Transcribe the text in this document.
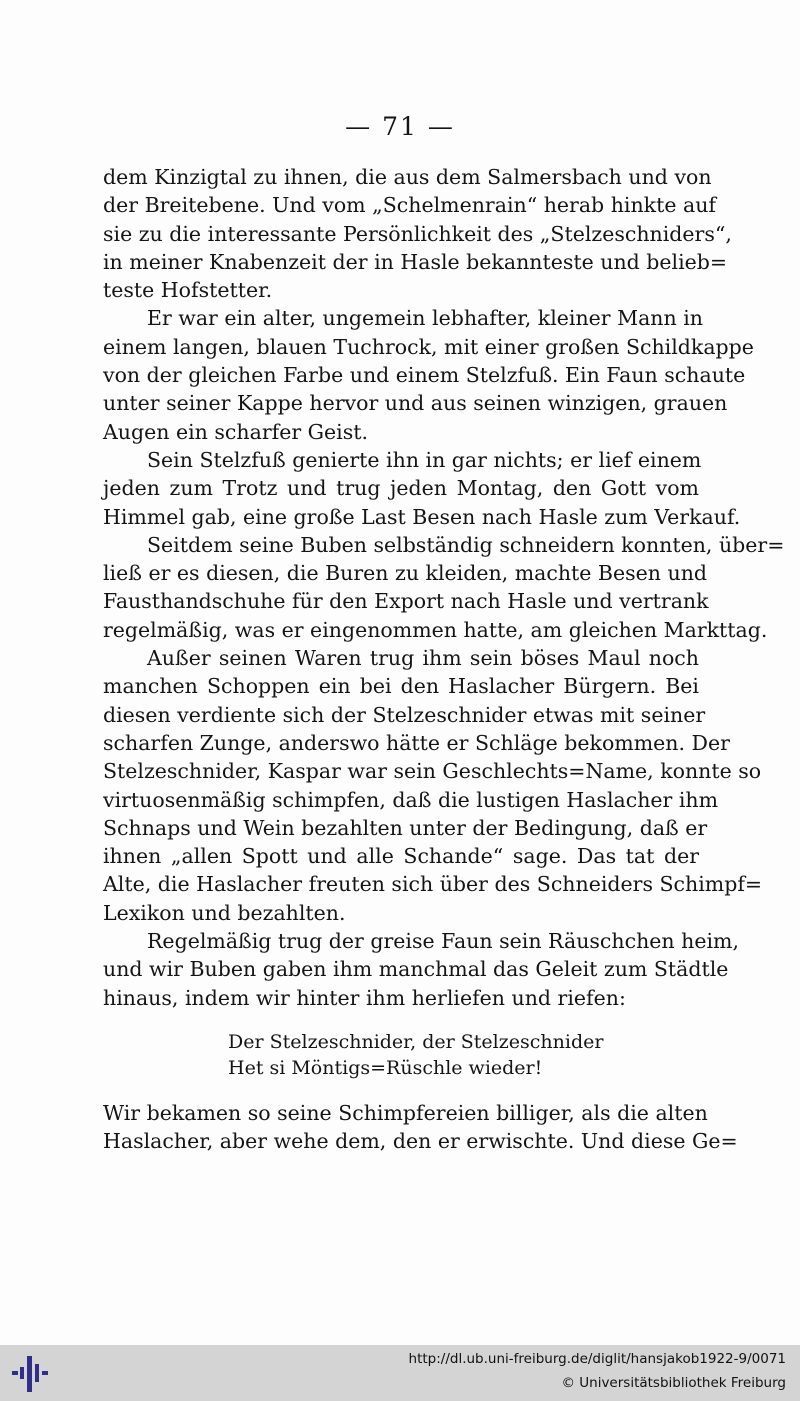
— 71 —
dem Kinzigtal zu ihnen, die aus dem Salmersbach und von
der Breitebene. Und vom „Schelmenrain“ herab hinkte auf
sie zu die interessante Persönlichkeit des „Stelzeschniders“,
in meiner Knabenzeit der in Hasle bekannteste und belieb=
teste Hofstetter.
Er war ein alter, ungemein lebhafter, kleiner Mann in
einem langen, blauen Tuchrock, mit einer großen Schildkappe
von der gleichen Farbe und einem Stelzfuß. Ein Faun schaute
unter seiner Kappe hervor und aus seinen winzigen, grauen
Augen ein scharfer Geist.
Sein Stelzfuß genierte ihn in gar nichts; er lief einem
jeden zum Trotz und trug jeden Montag, den Gott vom
Himmel gab, eine große Last Besen nach Hasle zum Verkauf.
Seitdem seine Buben selbständig schneidern konnten, über=
ließ er es diesen, die Buren zu kleiden, machte Besen und
Fausthandschuhe für den Export nach Hasle und vertrank
regelmäßig, was er eingenommen hatte, am gleichen Markttag.
Außer seinen Waren trug ihm sein böses Maul noch
manchen Schoppen ein bei den Haslacher Bürgern. Bei
diesen verdiente sich der Stelzeschnider etwas mit seiner
scharfen Zunge, anderswo hätte er Schläge bekommen. Der
Stelzeschnider, Kaspar war sein Geschlechts=Name, konnte so
virtuosenmäßig schimpfen, daß die lustigen Haslacher ihm
Schnaps und Wein bezahlten unter der Bedingung, daß er
ihnen „allen Spott und alle Schande“ sage. Das tat der
Alte, die Haslacher freuten sich über des Schneiders Schimpf=
Lexikon und bezahlten.
Regelmäßig trug der greise Faun sein Räuschchen heim,
und wir Buben gaben ihm manchmal das Geleit zum Städtle
hinaus, indem wir hinter ihm herliefen und riefen:
Der Stelzeschnider, der Stelzeschnider
Het si Möntigs=Rüschle wieder!
Wir bekamen so seine Schimpfereien billiger, als die alten
Haslacher, aber wehe dem, den er erwischte. Und diese Ge=
http://dl.ub.uni-freiburg.de/diglit/hansjakob1922-9/0071
© Universitätsbibliothek Freiburg
